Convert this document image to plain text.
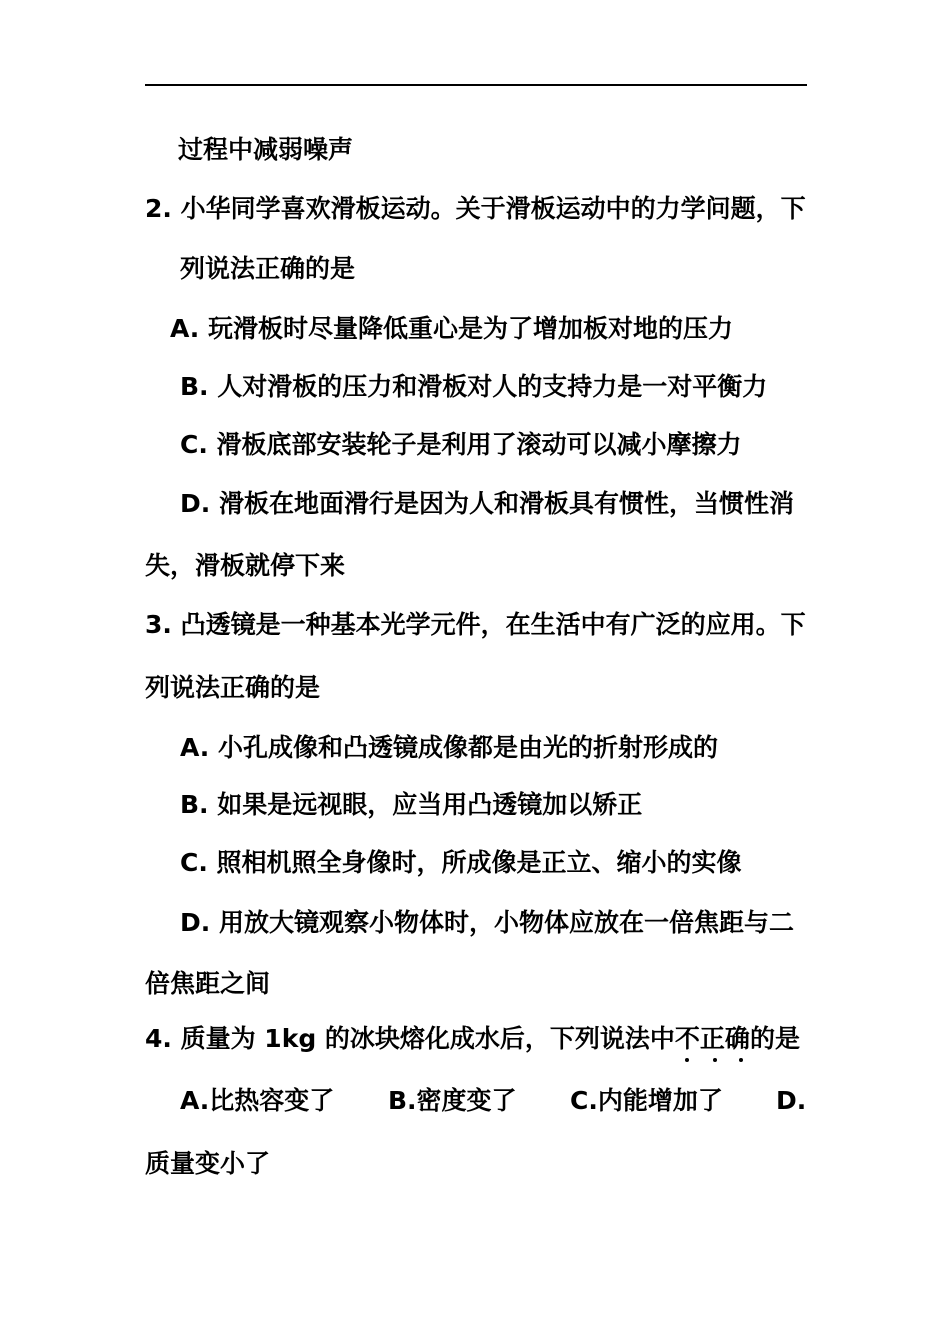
过程中减弱噪声
2. 小华同学喜欢滑板运动。关于滑板运动中的力学问题，下
列说法正确的是
A. 玩滑板时尽量降低重心是为了增加板对地的压力
B. 人对滑板的压力和滑板对人的支持力是一对平衡力
C. 滑板底部安装轮子是利用了滚动可以减小摩擦力
D. 滑板在地面滑行是因为人和滑板具有惯性，当惯性消
失，滑板就停下来
3. 凸透镜是一种基本光学元件，在生活中有广泛的应用。下
列说法正确的是
A. 小孔成像和凸透镜成像都是由光的折射形成的
B. 如果是远视眼，应当用凸透镜加以矫正
C. 照相机照全身像时，所成像是正立、缩小的实像
D. 用放大镜观察小物体时，小物体应放在一倍焦距与二
倍焦距之间
4. 质量为 1kg 的冰块熔化成水后，下列说法中不正确
的是
A.比热容变了 B.密度变了 C.内能增加了 D.
质量变小了
